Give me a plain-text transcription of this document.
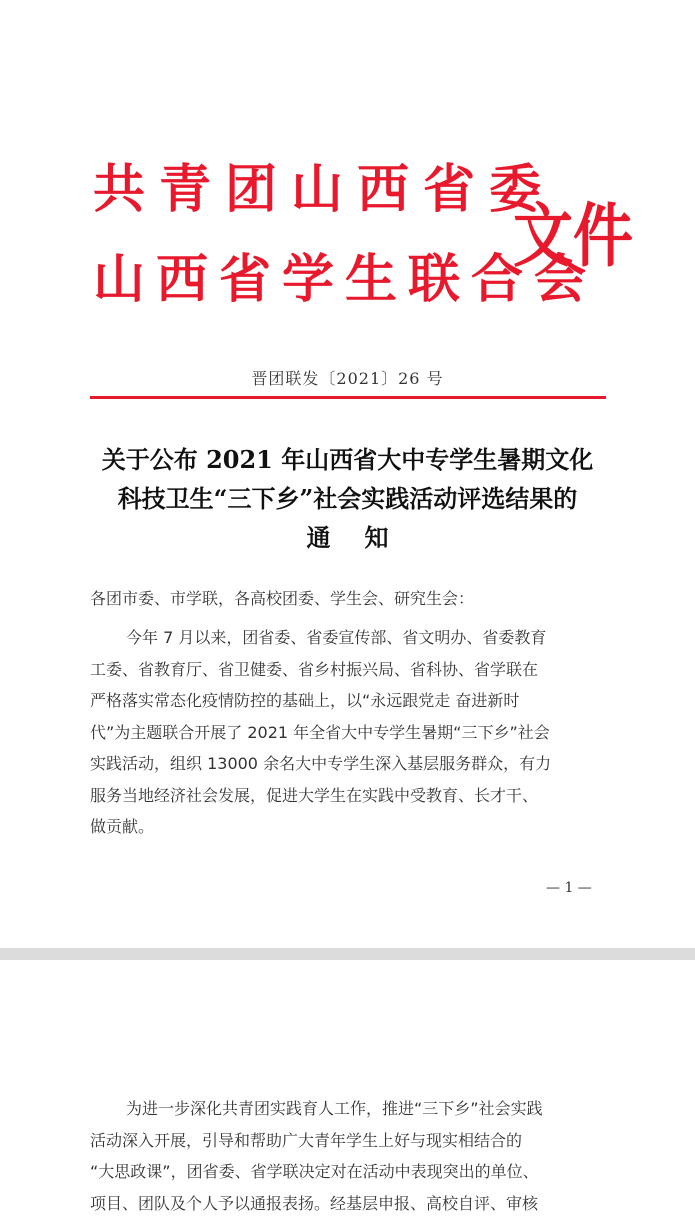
共青团山西省委
山西省学生联合会
文件
晋团联发〔2021〕26 号
关于公布 2021 年山西省大中专学生暑期文化
科技卫生“三下乡”社会实践活动评选结果的
通知
各团市委、市学联，各高校团委、学生会、研究生会：
今年 7 月以来，团省委、省委宣传部、省文明办、省委教育
工委、省教育厅、省卫健委、省乡村振兴局、省科协、省学联在
严格落实常态化疫情防控的基础上，以“永远跟党走 奋进新时
代”为主题联合开展了 2021 年全省大中专学生暑期“三下乡”社会
实践活动，组织 13000 余名大中专学生深入基层服务群众，有力
服务当地经济社会发展，促进大学生在实践中受教育、长才干、
做贡献。
— 1 —
为进一步深化共青团实践育人工作，推进“三下乡”社会实践
活动深入开展，引导和帮助广大青年学生上好与现实相结合的
“大思政课”，团省委、省学联决定对在活动中表现突出的单位、
项目、团队及个人予以通报表扬。经基层申报、高校自评、审核
